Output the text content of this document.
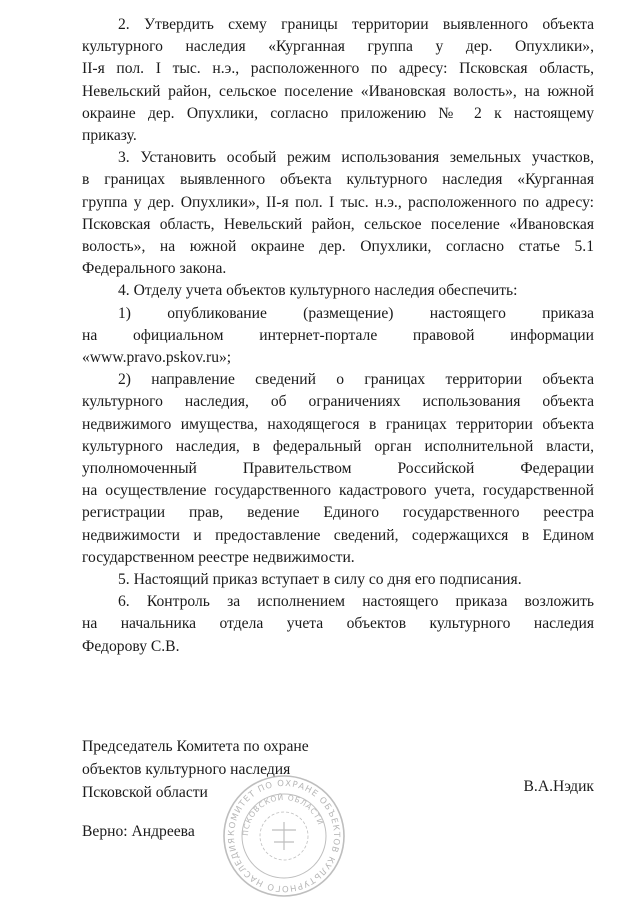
2. Утвердить схему границы территории выявленного объекта
культурного наследия «Курганная группа у дер. Опухлики»,
II-я пол. I тыс. н.э., расположенного по адресу: Псковская область,
Невельский район, сельское поселение «Ивановская волость», на южной
окраине дер. Опухлики, согласно приложению № 2 к настоящему
приказу.
3. Установить особый режим использования земельных участков,
в границах выявленного объекта культурного наследия «Курганная
группа у дер. Опухлики», II-я пол. I тыс. н.э., расположенного по адресу:
Псковская область, Невельский район, сельское поселение «Ивановская
волость», на южной окраине дер. Опухлики, согласно статье 5.1
Федерального закона.
4. Отделу учета объектов культурного наследия обеспечить:
1) опубликование (размещение) настоящего приказа
на официальном интернет-портале правовой информации
«www.pravo.pskov.ru»;
2) направление сведений о границах территории объекта
культурного наследия, об ограничениях использования объекта
недвижимого имущества, находящегося в границах территории объекта
культурного наследия, в федеральный орган исполнительной власти,
уполномоченный Правительством Российской Федерации
на осуществление государственного кадастрового учета, государственной
регистрации прав, ведение Единого государственного реестра
недвижимости и предоставление сведений, содержащихся в Едином
государственном реестре недвижимости.
5. Настоящий приказ вступает в силу со дня его подписания.
6. Контроль за исполнением настоящего приказа возложить
на начальника отдела учета объектов культурного наследия
Федорову С.В.
Председатель Комитета по охране
объектов культурного наследия
Псковской области	В.А.Нэдик
Верно: Андреева	КОМИТЕТ ПО ОХРАНЕ ОБЪЕКТОВ КУЛЬТУРНОГО НАСЛЕДИЯ
ПСКОВСКОЙ ОБЛАСТИ
